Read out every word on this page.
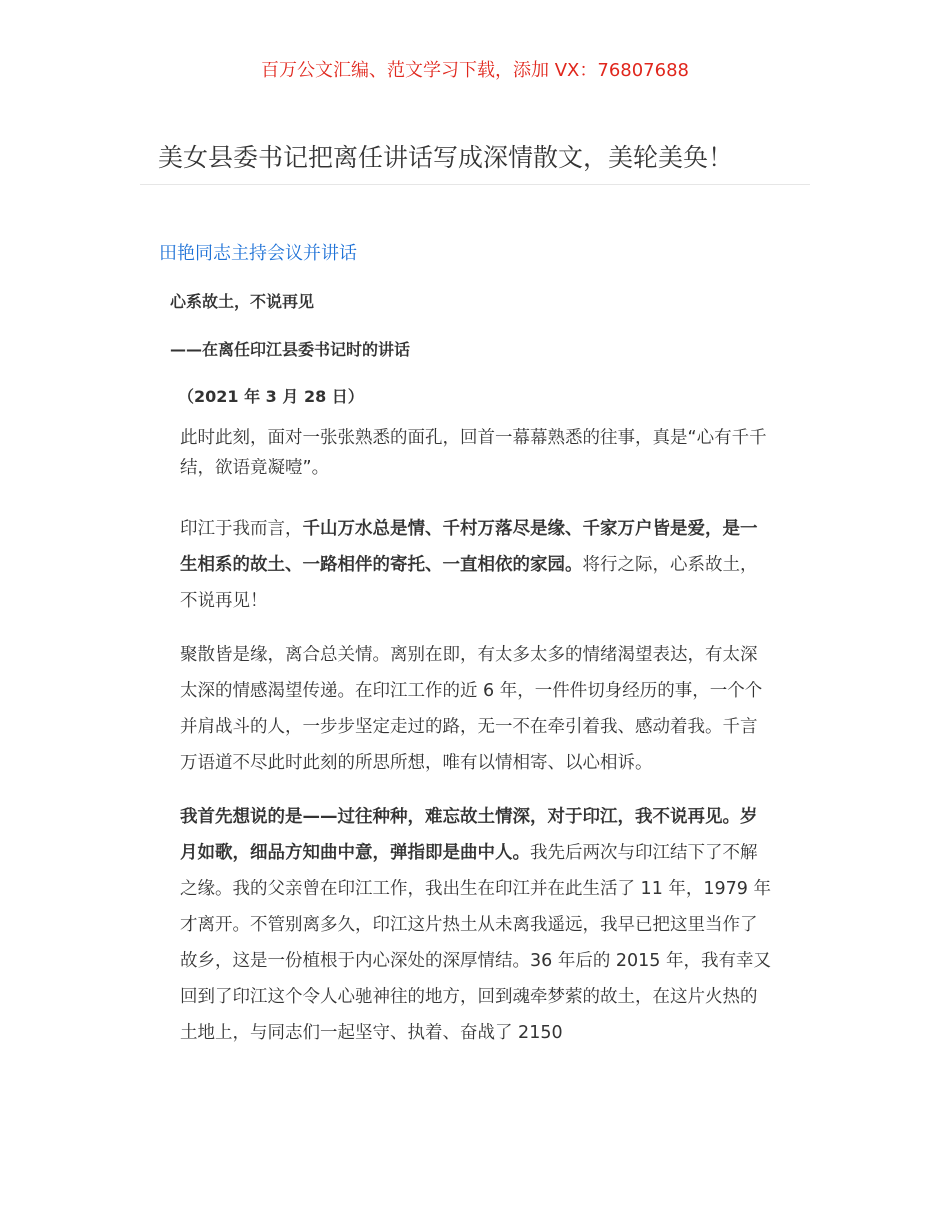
百万公文汇编、范文学习下载，添加 VX：76807688
美女县委书记把离任讲话写成深情散文，美轮美奂！
田艳同志主持会议并讲话
心系故土，不说再见
——在离任印江县委书记时的讲话
（2021 年 3 月 28 日）

此时此刻，面对一张张熟悉的面孔，回首一幕幕熟悉的往事，真是“心有千千结，欲语竟凝噎”。

印江于我而言，千山万水总是情、千村万落尽是缘、千家万户皆是爱，是一生相系的故土、一路相伴的寄托、一直相依的家园。将行之际，心系故土，不说再见！

聚散皆是缘，离合总关情。离别在即，有太多太多的情绪渴望表达，有太深太深的情感渴望传递。在印江工作的近 6 年，一件件切身经历的事，一个个并肩战斗的人，一步步坚定走过的路，无一不在牵引着我、感动着我。千言万语道不尽此时此刻的所思所想，唯有以情相寄、以心相诉。

我首先想说的是——过往种种，难忘故土情深，对于印江，我不说再见。岁月如歌，细品方知曲中意，弹指即是曲中人。我先后两次与印江结下了不解之缘。我的父亲曾在印江工作，我出生在印江并在此生活了 11 年，1979 年才离开。不管别离多久，印江这片热土从未离我遥远，我早已把这里当作了故乡，这是一份植根于内心深处的深厚情结。36 年后的 2015 年，我有幸又回到了印江这个令人心驰神往的地方，回到魂牵梦萦的故土，在这片火热的土地上，与同志们一起坚守、执着、奋战了 2150
